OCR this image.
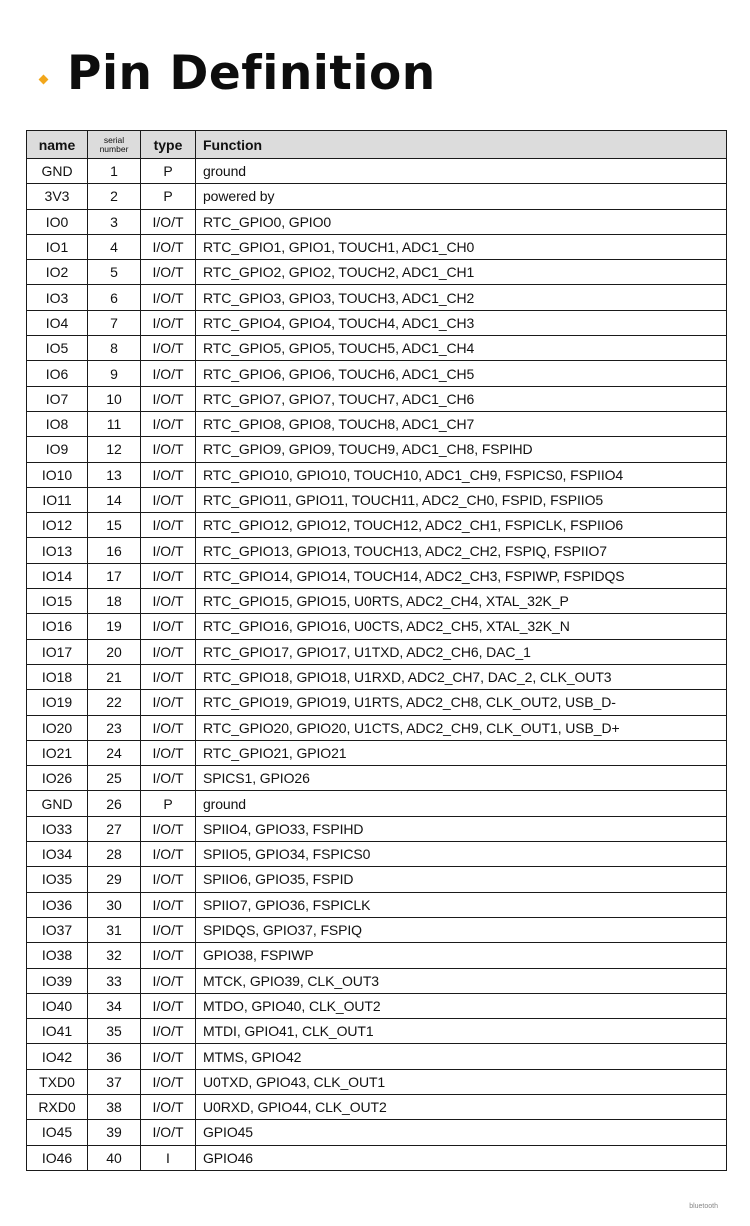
Pin Definition
name	serial number	type	Function
GND	1	P	ground
3V3	2	P	powered by
IO0	3	I/O/T	RTC_GPIO0, GPIO0
IO1	4	I/O/T	RTC_GPIO1, GPIO1, TOUCH1, ADC1_CH0
IO2	5	I/O/T	RTC_GPIO2, GPIO2, TOUCH2, ADC1_CH1
IO3	6	I/O/T	RTC_GPIO3, GPIO3, TOUCH3, ADC1_CH2
IO4	7	I/O/T	RTC_GPIO4, GPIO4, TOUCH4, ADC1_CH3
IO5	8	I/O/T	RTC_GPIO5, GPIO5, TOUCH5, ADC1_CH4
IO6	9	I/O/T	RTC_GPIO6, GPIO6, TOUCH6, ADC1_CH5
IO7	10	I/O/T	RTC_GPIO7, GPIO7, TOUCH7, ADC1_CH6
IO8	11	I/O/T	RTC_GPIO8, GPIO8, TOUCH8, ADC1_CH7
IO9	12	I/O/T	RTC_GPIO9, GPIO9, TOUCH9, ADC1_CH8, FSPIHD
IO10	13	I/O/T	RTC_GPIO10, GPIO10, TOUCH10, ADC1_CH9, FSPICS0, FSPIIO4
IO11	14	I/O/T	RTC_GPIO11, GPIO11, TOUCH11, ADC2_CH0, FSPID, FSPIIO5
IO12	15	I/O/T	RTC_GPIO12, GPIO12, TOUCH12, ADC2_CH1, FSPICLK, FSPIIO6
IO13	16	I/O/T	RTC_GPIO13, GPIO13, TOUCH13, ADC2_CH2, FSPIQ, FSPIIO7
IO14	17	I/O/T	RTC_GPIO14, GPIO14, TOUCH14, ADC2_CH3, FSPIWP, FSPIDQS
IO15	18	I/O/T	RTC_GPIO15, GPIO15, U0RTS, ADC2_CH4, XTAL_32K_P
IO16	19	I/O/T	RTC_GPIO16, GPIO16, U0CTS, ADC2_CH5, XTAL_32K_N
IO17	20	I/O/T	RTC_GPIO17, GPIO17, U1TXD, ADC2_CH6, DAC_1
IO18	21	I/O/T	RTC_GPIO18, GPIO18, U1RXD, ADC2_CH7, DAC_2, CLK_OUT3
IO19	22	I/O/T	RTC_GPIO19, GPIO19, U1RTS, ADC2_CH8, CLK_OUT2, USB_D-
IO20	23	I/O/T	RTC_GPIO20, GPIO20, U1CTS, ADC2_CH9, CLK_OUT1, USB_D+
IO21	24	I/O/T	RTC_GPIO21, GPIO21
IO26	25	I/O/T	SPICS1, GPIO26
GND	26	P	ground
IO33	27	I/O/T	SPIIO4, GPIO33, FSPIHD
IO34	28	I/O/T	SPIIO5, GPIO34, FSPICS0
IO35	29	I/O/T	SPIIO6, GPIO35, FSPID
IO36	30	I/O/T	SPIIO7, GPIO36, FSPICLK
IO37	31	I/O/T	SPIDQS, GPIO37, FSPIQ
IO38	32	I/O/T	GPIO38, FSPIWP
IO39	33	I/O/T	MTCK, GPIO39, CLK_OUT3
IO40	34	I/O/T	MTDO, GPIO40, CLK_OUT2
IO41	35	I/O/T	MTDI, GPIO41, CLK_OUT1
IO42	36	I/O/T	MTMS, GPIO42
TXD0	37	I/O/T	U0TXD, GPIO43, CLK_OUT1
RXD0	38	I/O/T	U0RXD, GPIO44, CLK_OUT2
IO45	39	I/O/T	GPIO45
IO46	40	I	GPIO46
bluetooth
